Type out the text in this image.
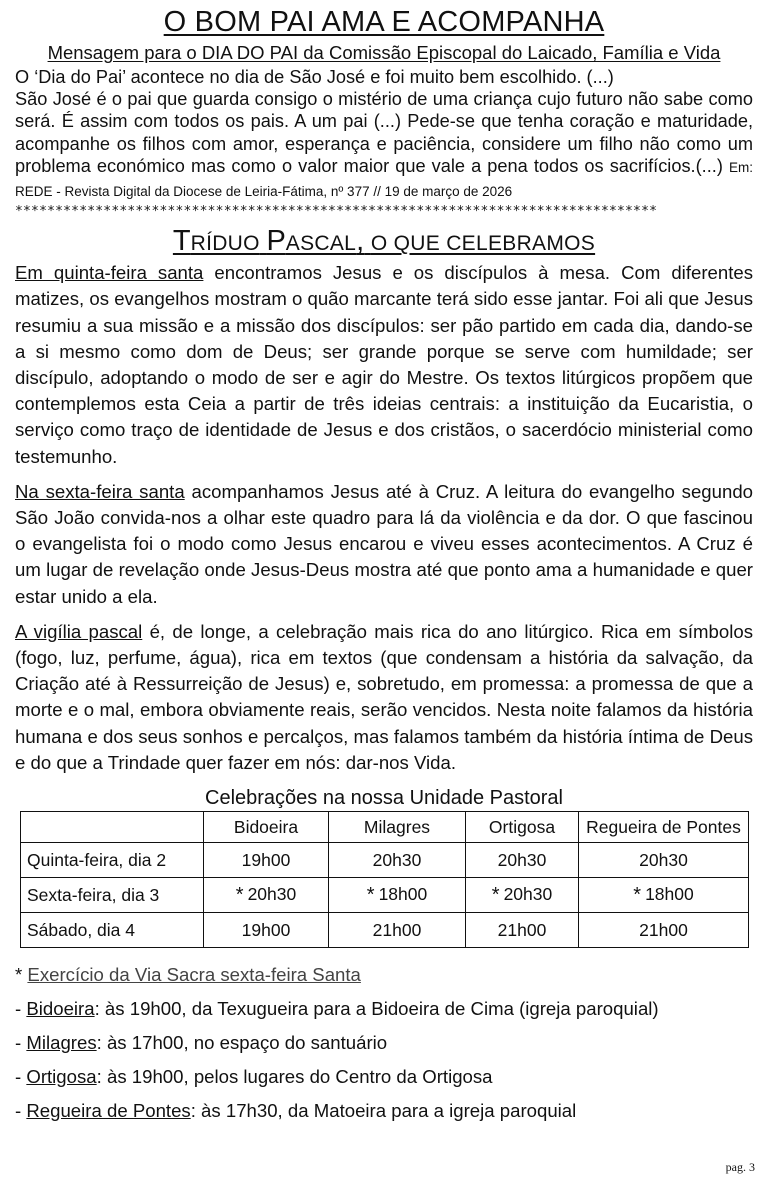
O BOM PAI AMA E ACOMPANHA
Mensagem para o DIA DO PAI da Comissão Episcopal do Laicado, Família e Vida

O ‘Dia do Pai’ acontece no dia de São José e foi muito bem escolhido. (...)

São José é o pai que guarda consigo o mistério de uma criança cujo futuro não sabe como será. É assim com todos os pais. A um pai (...) Pede-se que tenha coração e maturidade, acompanhe os filhos com amor, esperança e paciência, considere um filho não como um problema económico mas como o valor maior que vale a pena todos os sacrifícios.(...) Em: REDE - Revista Digital da Diocese de Leiria-Fátima, nº 377 // 19 de março de 2026

********************************************************************************
TRÍDUO PASCAL, O QUE CELEBRAMOS

Em quinta-feira santa encontramos Jesus e os discípulos à mesa. Com diferentes matizes, os evangelhos mostram o quão marcante terá sido esse jantar. Foi ali que Jesus resumiu a sua missão e a missão dos discípulos: ser pão partido em cada dia, dando-se a si mesmo como dom de Deus; ser grande porque se serve com humildade; ser discípulo, adoptando o modo de ser e agir do Mestre. Os textos litúrgicos propõem que contemplemos esta Ceia a partir de três ideias centrais: a instituição da Eucaristia, o serviço como traço de identidade de Jesus e dos cristãos, o sacerdócio ministerial como testemunho.

Na sexta-feira santa acompanhamos Jesus até à Cruz. A leitura do evangelho segundo São João convida-nos a olhar este quadro para lá da violência e da dor. O que fascinou o evangelista foi o modo como Jesus encarou e viveu esses acontecimentos. A Cruz é um lugar de revelação onde Jesus-Deus mostra até que ponto ama a humanidade e quer estar unido a ela.

A vigília pascal é, de longe, a celebração mais rica do ano litúrgico. Rica em símbolos (fogo, luz, perfume, água), rica em textos (que condensam a história da salvação, da Criação até à Ressurreição de Jesus) e, sobretudo, em promessa: a promessa de que a morte e o mal, embora obviamente reais, serão vencidos. Nesta noite falamos da história humana e dos seus sonhos e percalços, mas falamos também da história íntima de Deus e do que a Trindade quer fazer em nós: dar-nos Vida.

Celebrações na nossa Unidade Pastoral
	Bidoeira	Milagres	Ortigosa	Regueira de Pontes
Quinta-feira, dia 2	19h00	20h30	20h30	20h30
Sexta-feira, dia 3	* 20h30	* 18h00	* 20h30	* 18h00
Sábado, dia 4	19h00	21h00	21h00	21h00
* Exercício da Via Sacra sexta-feira Santa
- Bidoeira: às 19h00, da Texugueira para a Bidoeira de Cima (igreja paroquial)
- Milagres: às 17h00, no espaço do santuário
- Ortigosa: às 19h00, pelos lugares do Centro da Ortigosa
- Regueira de Pontes: às 17h30, da Matoeira para a igreja paroquial
pag. 3
